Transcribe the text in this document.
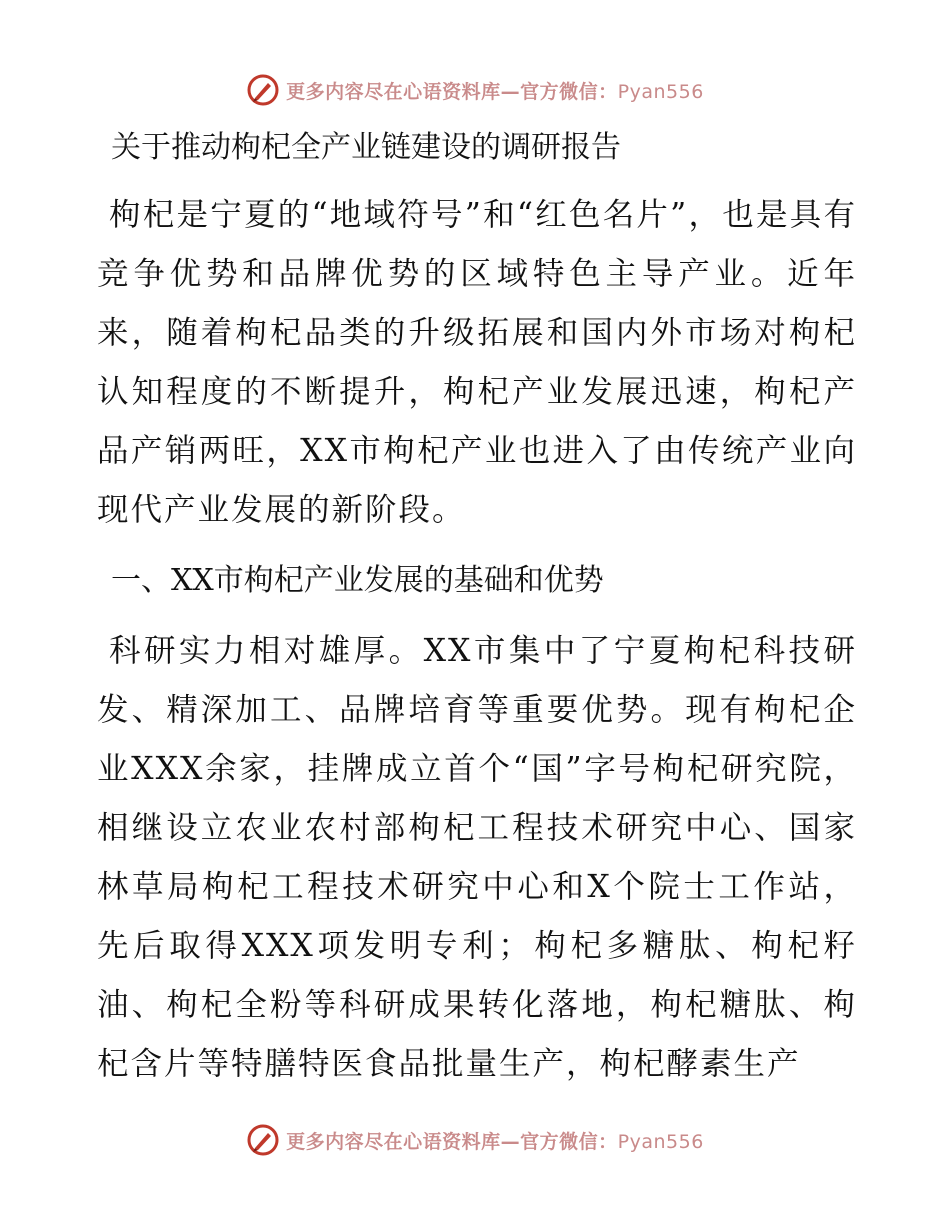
更多内容尽在心语资料库—官方微信：Pyan556
关于推动枸杞全产业链建设的调研报告

枸杞是宁夏的“地域符号”和“红色名片”，也是具有竞争优势和品牌优势的区域特色主导产业。近年来，随着枸杞品类的升级拓展和国内外市场对枸杞认知程度的不断提升，枸杞产业发展迅速，枸杞产品产销两旺，XX市枸杞产业也进入了由传统产业向现代产业发展的新阶段。

一、XX市枸杞产业发展的基础和优势

科研实力相对雄厚。XX市集中了宁夏枸杞科技研发、精深加工、品牌培育等重要优势。现有枸杞企业XXX余家，挂牌成立首个“国”字号枸杞研究院，相继设立农业农村部枸杞工程技术研究中心、国家林草局枸杞工程技术研究中心和X个院士工作站，先后取得XXX项发明专利；枸杞多糖肽、枸杞籽油、枸杞全粉等科研成果转化落地，枸杞糖肽、枸杞含片等特膳特医食品批量生产，枸杞酵素生产

更多内容尽在心语资料库—官方微信：Pyan556
